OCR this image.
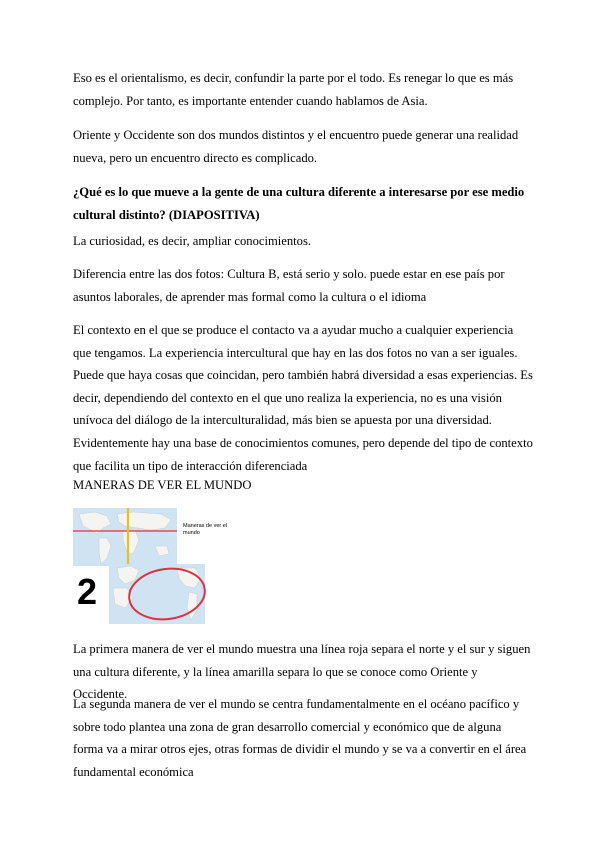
Eso es el orientalismo, es decir, confundir la parte por el todo. Es renegar lo que es más complejo. Por tanto, es importante entender cuando hablamos de Asia.

Oriente y Occidente son dos mundos distintos y el encuentro puede generar una realidad nueva, pero un encuentro directo es complicado.

¿Qué es lo que mueve a la gente de una cultura diferente a interesarse por ese medio cultural distinto? (DIAPOSITIVA)

La curiosidad, es decir, ampliar conocimientos.

Diferencia entre las dos fotos: Cultura B, está serio y solo. puede estar en ese país por asuntos laborales, de aprender mas formal como la cultura o el idioma

El contexto en el que se produce el contacto va a ayudar mucho a cualquier experiencia que tengamos. La experiencia intercultural que hay en las dos fotos no van a ser iguales. Puede que haya cosas que coincidan, pero también habrá diversidad a esas experiencias. Es decir, dependiendo del contexto en el que uno realiza la experiencia, no es una visión unívoca del diálogo de la interculturalidad, más bien se apuesta por una diversidad. Evidentemente hay una base de conocimientos comunes, pero depende del tipo de contexto que facilita un tipo de interacción diferenciada

MANERAS DE VER EL MUNDO

2
Maneras de ver el mundo

La primera manera de ver el mundo muestra una línea roja separa el norte y el sur y siguen una cultura diferente, y la línea amarilla separa lo que se conoce como Oriente y Occidente.

La segunda manera de ver el mundo se centra fundamentalmente en el océano pacífico y sobre todo plantea una zona de gran desarrollo comercial y económico que de alguna forma va a mirar otros ejes, otras formas de dividir el mundo y se va a convertir en el área fundamental económica
